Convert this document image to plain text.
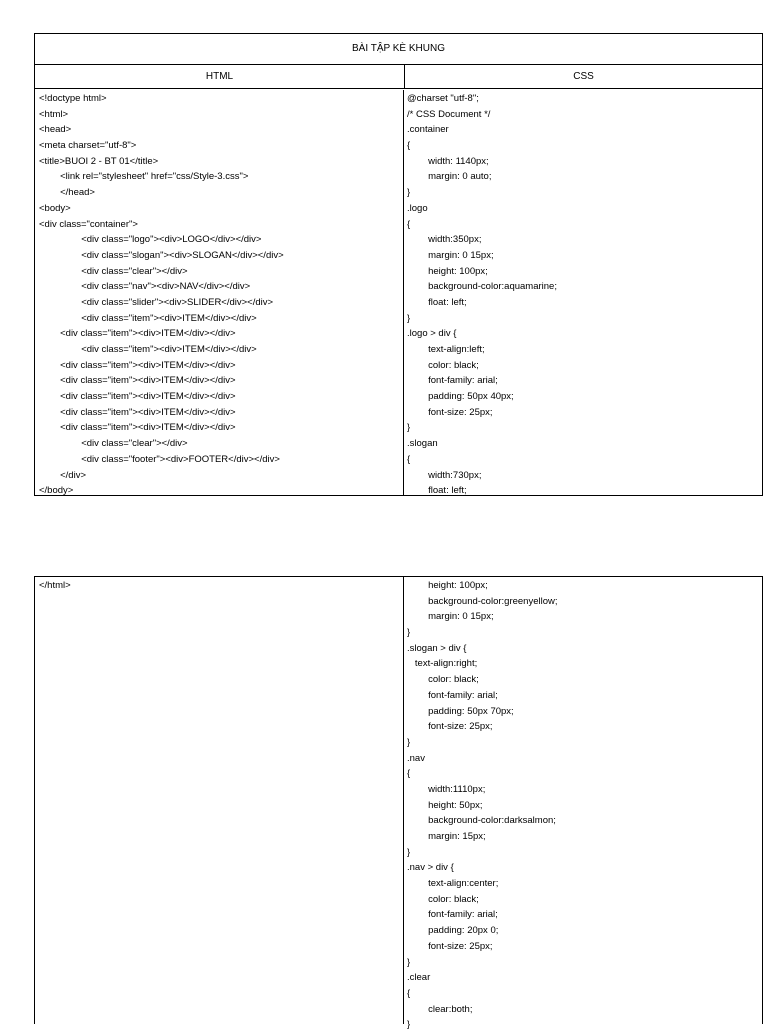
BÀI TẬP KÈ KHUNG
HTML	CSS
<!doctype html>
<html>
<head>
<meta charset="utf-8">
<title>BUOI 2 - BT 01</title>
<link rel="stylesheet" href="css/Style-3.css">
</head>
<body>
<div class="container">
<div class="logo"><div>LOGO</div></div>
<div class="slogan"><div>SLOGAN</div></div>
<div class="clear"></div>
<div class="nav"><div>NAV</div></div>
<div class="slider"><div>SLIDER</div></div>
<div class="item"><div>ITEM</div></div>
<div class="item"><div>ITEM</div></div>
<div class="item"><div>ITEM</div></div>
<div class="item"><div>ITEM</div></div>
<div class="item"><div>ITEM</div></div>
<div class="item"><div>ITEM</div></div>
<div class="item"><div>ITEM</div></div>
<div class="item"><div>ITEM</div></div>
<div class="clear"></div>
<div class="footer"><div>FOOTER</div></div>
</div>
</body>
@charset "utf-8";
/* CSS Document */
.container
{
width: 1140px;
margin: 0 auto;
}
.logo
{
width:350px;
margin: 0 15px;
height: 100px;
background-color:aquamarine;
float: left;
}
.logo > div {
text-align:left;
color: black;
font-family: arial;
padding: 50px 40px;
font-size: 25px;
}
.slogan
{
width:730px;
float: left;
</html>	height: 100px;
background-color:greenyellow;
margin: 0 15px;
}
.slogan > div {
text-align:right;
color: black;
font-family: arial;
padding: 50px 70px;
font-size: 25px;
}
.nav
{
width:1110px;
height: 50px;
background-color:darksalmon;
margin: 15px;
}
.nav > div {
text-align:center;
color: black;
font-family: arial;
padding: 20px 0;
font-size: 25px;
}
.clear
{
clear:both;
}
